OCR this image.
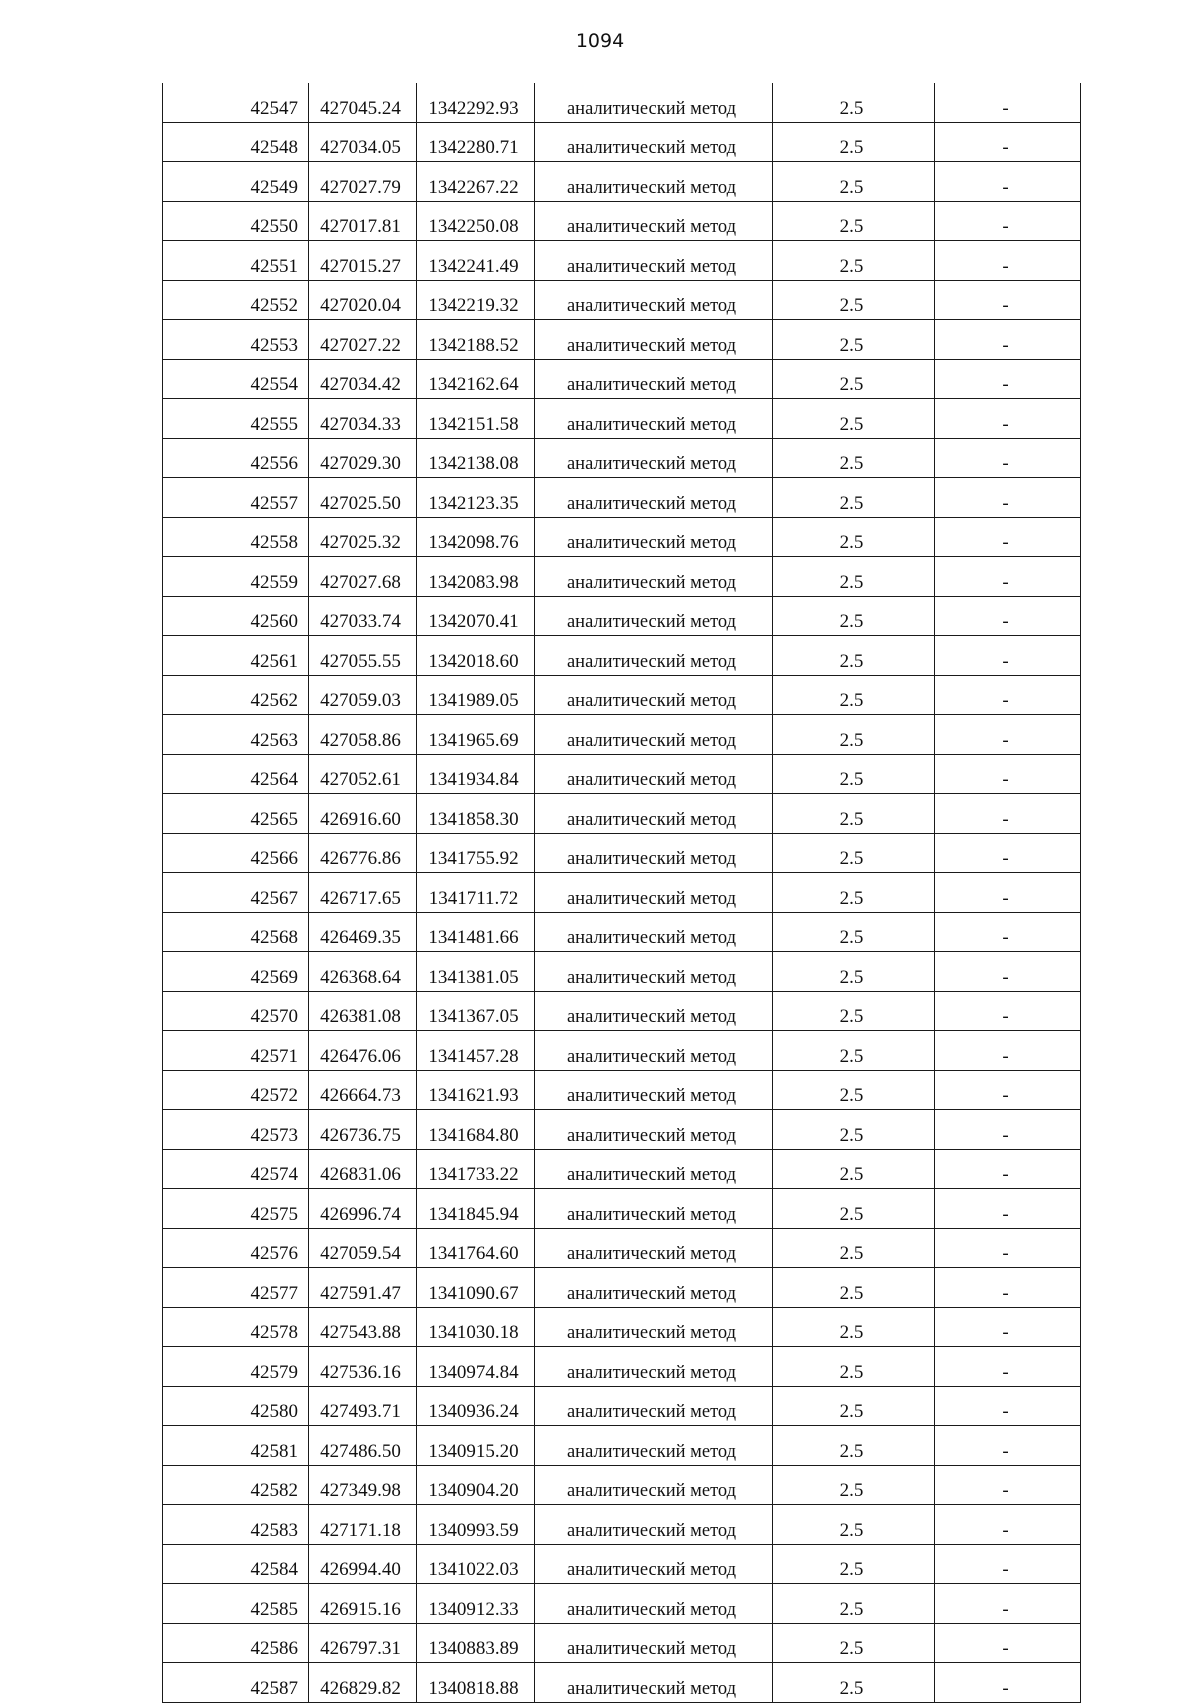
1094
42547	427045.24	1342292.93	аналитический метод	2.5	-
42548	427034.05	1342280.71	аналитический метод	2.5	-
42549	427027.79	1342267.22	аналитический метод	2.5	-
42550	427017.81	1342250.08	аналитический метод	2.5	-
42551	427015.27	1342241.49	аналитический метод	2.5	-
42552	427020.04	1342219.32	аналитический метод	2.5	-
42553	427027.22	1342188.52	аналитический метод	2.5	-
42554	427034.42	1342162.64	аналитический метод	2.5	-
42555	427034.33	1342151.58	аналитический метод	2.5	-
42556	427029.30	1342138.08	аналитический метод	2.5	-
42557	427025.50	1342123.35	аналитический метод	2.5	-
42558	427025.32	1342098.76	аналитический метод	2.5	-
42559	427027.68	1342083.98	аналитический метод	2.5	-
42560	427033.74	1342070.41	аналитический метод	2.5	-
42561	427055.55	1342018.60	аналитический метод	2.5	-
42562	427059.03	1341989.05	аналитический метод	2.5	-
42563	427058.86	1341965.69	аналитический метод	2.5	-
42564	427052.61	1341934.84	аналитический метод	2.5	-
42565	426916.60	1341858.30	аналитический метод	2.5	-
42566	426776.86	1341755.92	аналитический метод	2.5	-
42567	426717.65	1341711.72	аналитический метод	2.5	-
42568	426469.35	1341481.66	аналитический метод	2.5	-
42569	426368.64	1341381.05	аналитический метод	2.5	-
42570	426381.08	1341367.05	аналитический метод	2.5	-
42571	426476.06	1341457.28	аналитический метод	2.5	-
42572	426664.73	1341621.93	аналитический метод	2.5	-
42573	426736.75	1341684.80	аналитический метод	2.5	-
42574	426831.06	1341733.22	аналитический метод	2.5	-
42575	426996.74	1341845.94	аналитический метод	2.5	-
42576	427059.54	1341764.60	аналитический метод	2.5	-
42577	427591.47	1341090.67	аналитический метод	2.5	-
42578	427543.88	1341030.18	аналитический метод	2.5	-
42579	427536.16	1340974.84	аналитический метод	2.5	-
42580	427493.71	1340936.24	аналитический метод	2.5	-
42581	427486.50	1340915.20	аналитический метод	2.5	-
42582	427349.98	1340904.20	аналитический метод	2.5	-
42583	427171.18	1340993.59	аналитический метод	2.5	-
42584	426994.40	1341022.03	аналитический метод	2.5	-
42585	426915.16	1340912.33	аналитический метод	2.5	-
42586	426797.31	1340883.89	аналитический метод	2.5	-
42587	426829.82	1340818.88	аналитический метод	2.5	-
